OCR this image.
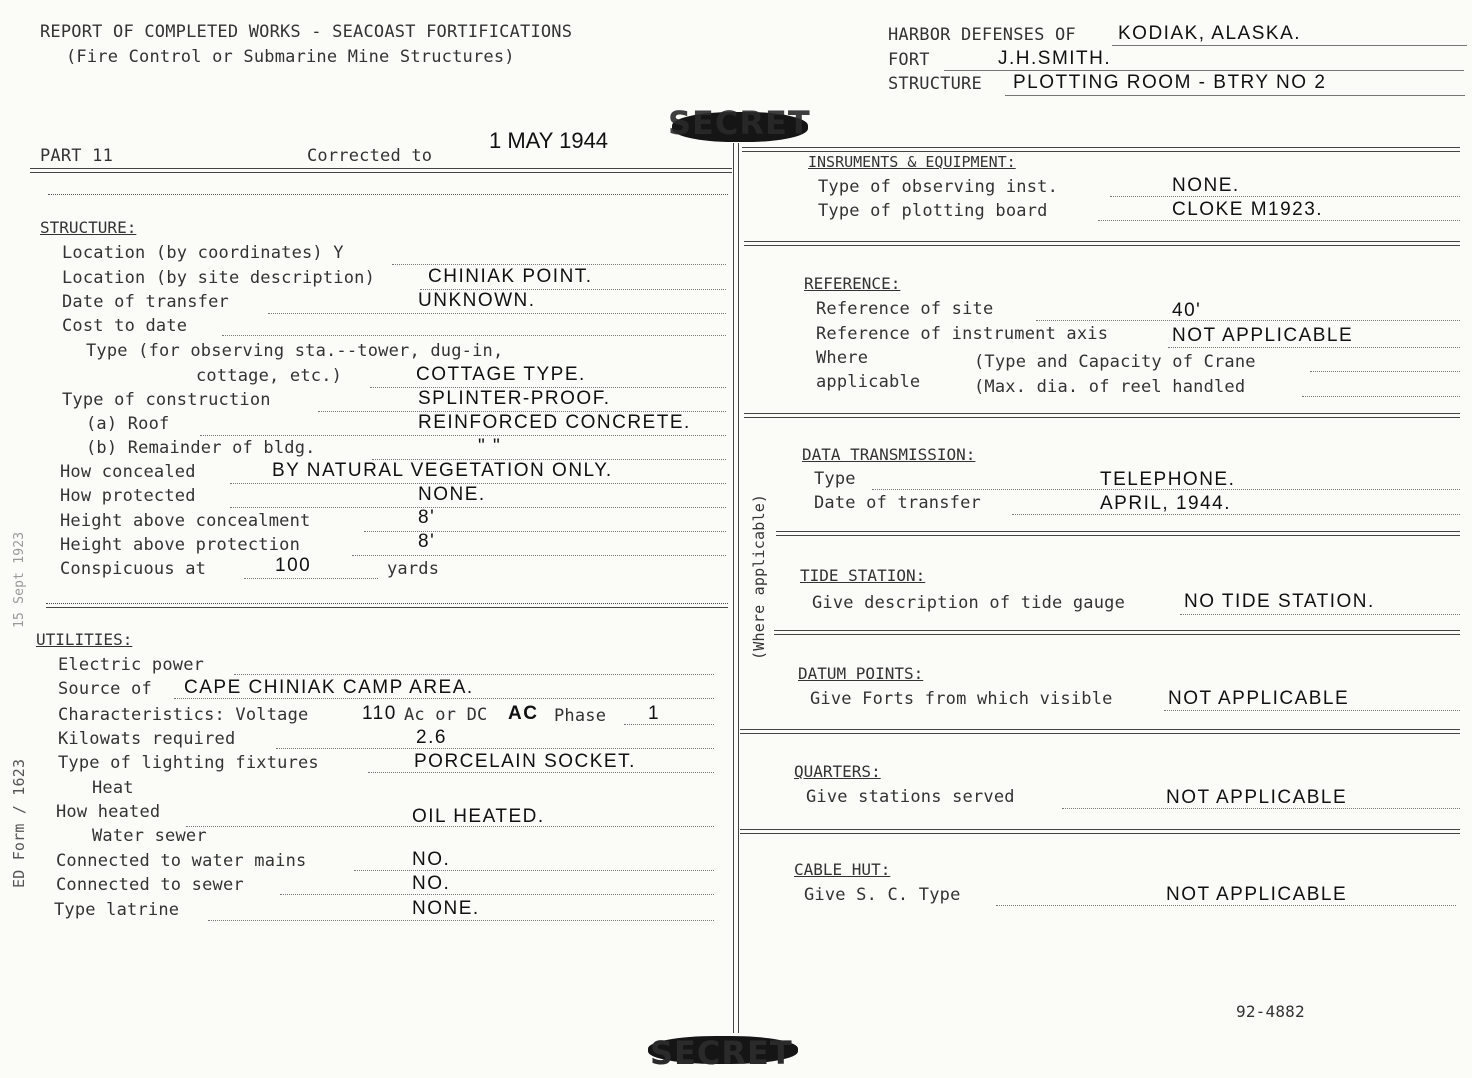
REPORT OF COMPLETED WORKS - SEACOAST FORTIFICATIONS
(Fire Control or Submarine Mine Structures)
HARBOR DEFENSES OF KODIAK, ALASKA.
FORT	J.H.SMITH.
STRUCTURE PLOTTING ROOM - BTRY NO 2
PART 11	Corrected to
1 MAY 1944 SECRET
(Where applicable)
STRUCTURE:
Location (by coordinates) Y
Location (by site description)	CHINIAK POINT.
Date of transfer	UNKNOWN.
Cost to date
Type (for observing sta.--tower, dug-in,
cottage, etc.)	COTTAGE TYPE.
Type of construction	SPLINTER-PROOF.
(a) Roof	REINFORCED CONCRETE.
(b) Remainder of bldg.	" "
How concealed	BY NATURAL VEGETATION ONLY.
How protected	NONE.
Height above concealment	8'
Height above protection	8'
Conspicuous at	100	yards
UTILITIES:
Electric power
Source of CAPE CHINIAK CAMP AREA.
Characteristics: Voltage	110 Ac or DC AC Phase 1
Kilowats required	2.6
Type of lighting fixtures	PORCELAIN SOCKET.
Heat
How heated	OIL HEATED.
Water sewer
Connected to water mains	NO.
Connected to sewer	NO.
Type latrine	NONE.
ED Form / 1623
15 Sept 1923
INSRUMENTS & EQUIPMENT:
Type of observing inst.	NONE.
Type of plotting board	CLOKE M1923.
REFERENCE:
Reference of site	40'
Reference of instrument axis	NOT APPLICABLE
Where	(Type and Capacity of Crane
applicable	(Max. dia. of reel handled
DATA TRANSMISSION:
Type	TELEPHONE.
Date of transfer	APRIL, 1944.
TIDE STATION:
Give description of tide gauge	NO TIDE STATION.
DATUM POINTS:
Give Forts from which visible	NOT APPLICABLE
QUARTERS:
Give stations served	NOT APPLICABLE
CABLE HUT:
Give S. C. Type	NOT APPLICABLE
92-4882
SECRET
